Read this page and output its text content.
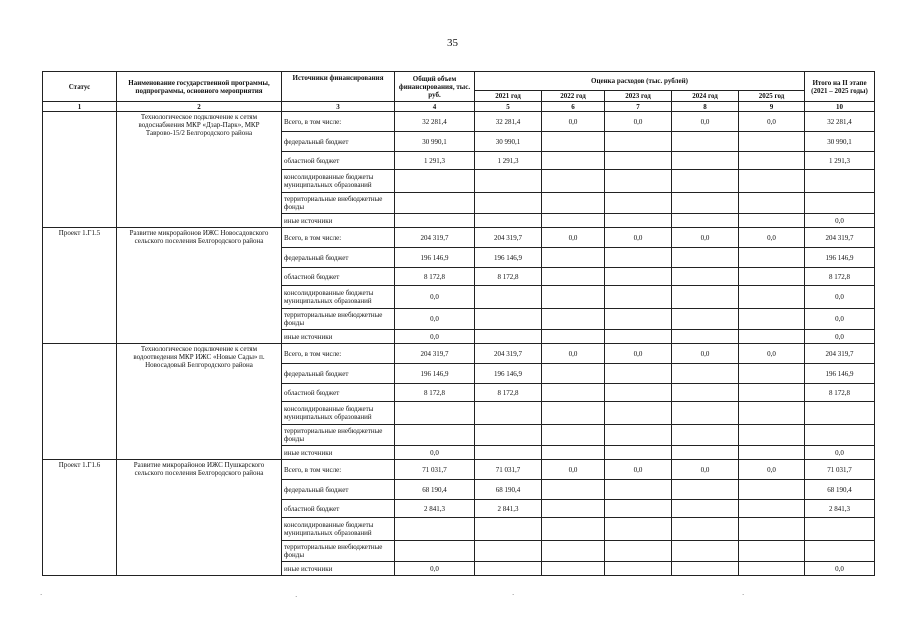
35
Статус	Наименование государственной программы, подпрограммы, основного мероприятия	Источники финансирования	Общий объем финансирования, тыс. руб.	Оценка расходов (тыс. рублей)					Итого на II этапе (2021 – 2025 годы)
				2021 год	2022 год	2023 год	2024 год	2025 год	
1	2	3	4	5	6	7	8	9	10
	Технологическое подключение к сетям водоснабжения МКР «Дзар-Парк», МКР Таврово-15/2 Белгородского района	Всего, в том числе:	32 281,4	32 281,4	0,0	0,0	0,0	0,0	32 281,4
		федеральный бюджет	30 990,1	30 990,1					30 990,1
		областной бюджет	1 291,3	1 291,3					1 291,3
		консолидированные бюджеты муниципальных образований							
		территориальные внебюджетные фонды							
		иные источники							0,0
Проект 1.Г1.5	Развитие микрорайонов ИЖС Новосадовского сельского поселения Белгородского района	Всего, в том числе:	204 319,7	204 319,7	0,0	0,0	0,0	0,0	204 319,7
		федеральный бюджет	196 146,9	196 146,9					196 146,9
		областной бюджет	8 172,8	8 172,8					8 172,8
		консолидированные бюджеты муниципальных образований	0,0						0,0
		территориальные внебюджетные фонды	0,0						0,0
		иные источники	0,0						0,0
	Технологическое подключение к сетям водоотведения МКР ИЖС «Новые Сады» п. Новосадовый Белгородского района	Всего, в том числе:	204 319,7	204 319,7	0,0	0,0	0,0	0,0	204 319,7
		федеральный бюджет	196 146,9	196 146,9					196 146,9
		областной бюджет	8 172,8	8 172,8					8 172,8
		консолидированные бюджеты муниципальных образований							
		территориальные внебюджетные фонды							
		иные источники	0,0						0,0
Проект 1.Г1.6	Развитие микрорайонов ИЖС Пушкарского сельского поселения Белгородского района	Всего, в том числе:	71 031,7	71 031,7	0,0	0,0	0,0	0,0	71 031,7
		федеральный бюджет	68 190,4	68 190,4					68 190,4
		областной бюджет	2 841,3	2 841,3					2 841,3
		консолидированные бюджеты муниципальных образований							
		территориальные внебюджетные фонды							
		иные источники	0,0						0,0
ˋ	·	ˋ	ˋ
